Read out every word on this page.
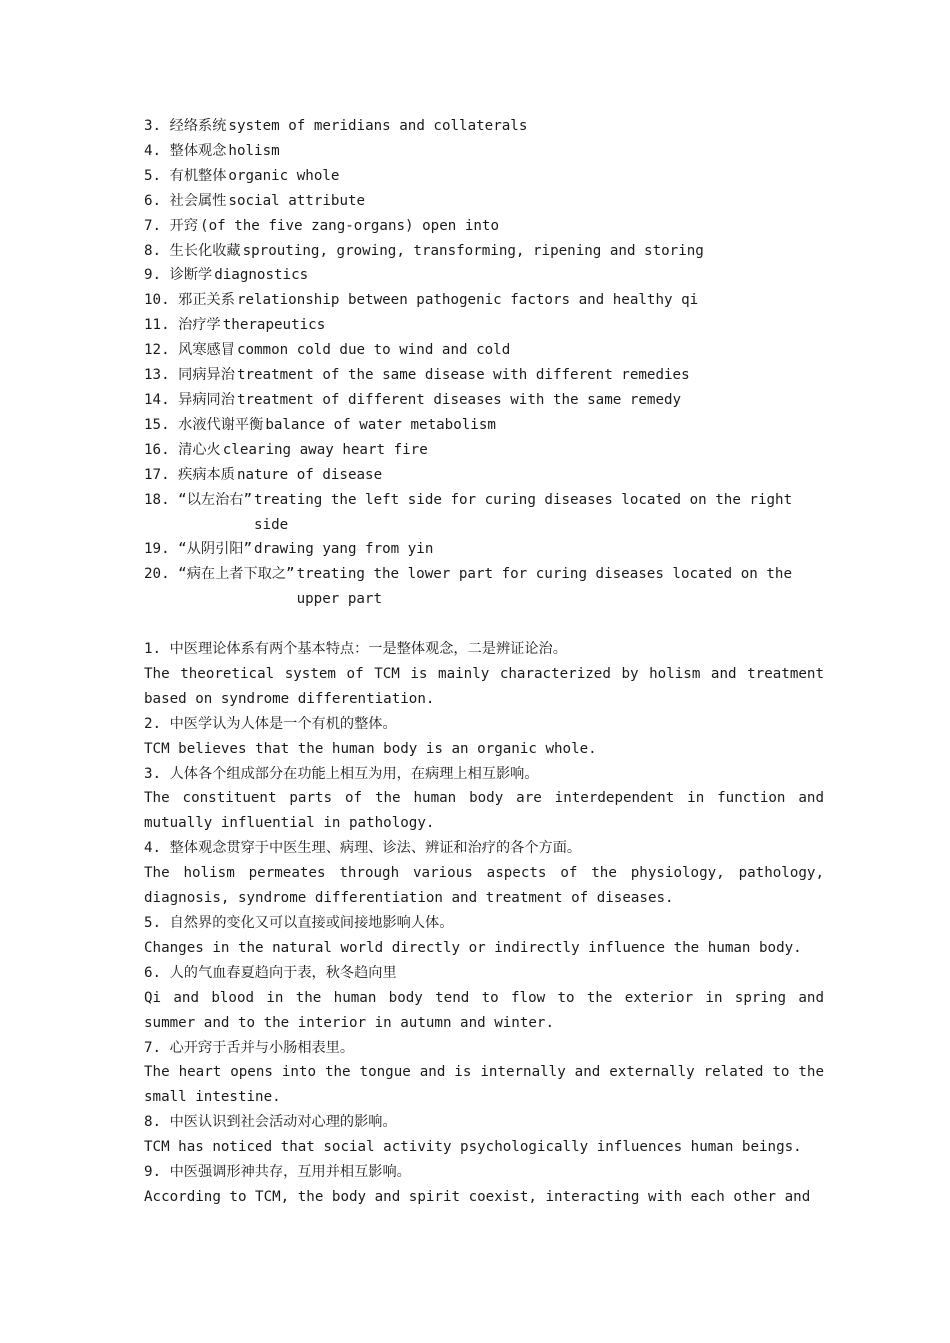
3.
经络系统 system of meridians and collaterals
4.
整体观念 holism
5.
有机整体 organic whole
6.
社会属性 social attribute
7.
开窍 (of the five zang-organs) open into
8.
生长化收藏 sprouting, growing, transforming, ripening and storing
9.
诊断学 diagnostics
10.
邪正关系 relationship between pathogenic factors and healthy qi
11.
治疗学 therapeutics
12.
风寒感冒 common cold due to wind and cold
13.
同病异治 treatment of the same disease with different remedies
14.
异病同治 treatment of different diseases with the same remedy
15.
水液代谢平衡 balance of water metabolism
16.
清心火 clearing away heart fire
17.
疾病本质 nature of disease
18.
“以左治右” treating the left side for curing diseases located on the right side
19.
“从阴引阳” drawing yang from yin
20.
“病在上者下取之” treating the lower part for curing diseases located on the upper part
1. 中医理论体系有两个基本特点：一是整体观念，二是辨证论治。
The theoretical system of TCM is mainly characterized by holism and treatment based on syndrome differentiation.
2. 中医学认为人体是一个有机的整体。
TCM believes that the human body is an organic whole.
3. 人体各个组成部分在功能上相互为用，在病理上相互影响。
The constituent parts of the human body are interdependent in function and mutually influential in pathology.
4. 整体观念贯穿于中医生理、病理、诊法、辨证和治疗的各个方面。
The holism permeates through various aspects of the physiology, pathology, diagnosis, syndrome differentiation and treatment of diseases.
5. 自然界的变化又可以直接或间接地影响人体。
Changes in the natural world directly or indirectly influence the human body.
6. 人的气血春夏趋向于表，秋冬趋向里
Qi and blood in the human body tend to flow to the exterior in spring and summer and to the interior in autumn and winter.
7. 心开窍于舌并与小肠相表里。
The heart opens into the tongue and is internally and externally related to the small intestine.
8. 中医认识到社会活动对心理的影响。
TCM has noticed that social activity psychologically influences human beings.
9. 中医强调形神共存，互用并相互影响。
According to TCM, the body and spirit coexist, interacting with each other and
